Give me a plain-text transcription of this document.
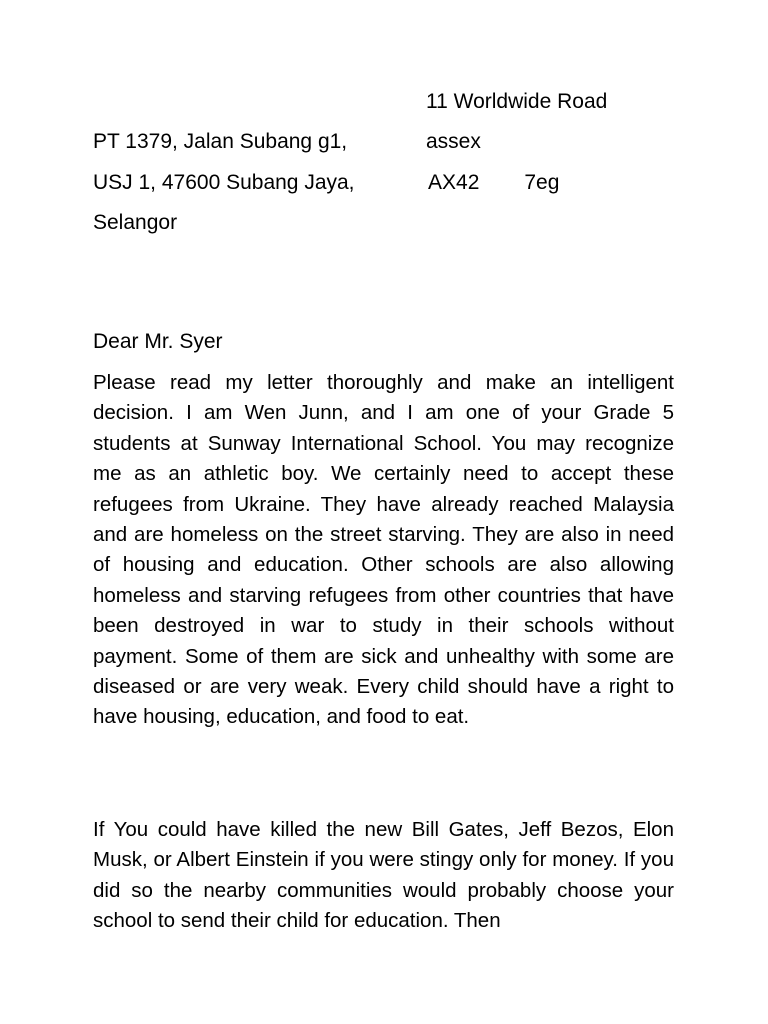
11 Worldwide Road

PT 1379, Jalan Subang g1,	assex

USJ 1, 47600 Subang Jaya,	AX42 7eg

Selangor

Dear Mr. Syer

Please read my letter thoroughly and make an intelligent decision. I am Wen Junn, and I am one of your Grade 5 students at Sunway International School. You may recognize me as an athletic boy. We certainly need to accept these refugees from Ukraine. They have already reached Malaysia and are homeless on the street starving. They are also in need of housing and education. Other schools are also allowing homeless and starving refugees from other countries that have been destroyed in war to study in their schools without payment. Some of them are sick and unhealthy with some are diseased or are very weak. Every child should have a right to have housing, education, and food to eat.

If You could have killed the new Bill Gates, Jeff Bezos, Elon Musk, or Albert Einstein if you were stingy only for money. If you did so the nearby communities would probably choose your school to send their child for education. Then
